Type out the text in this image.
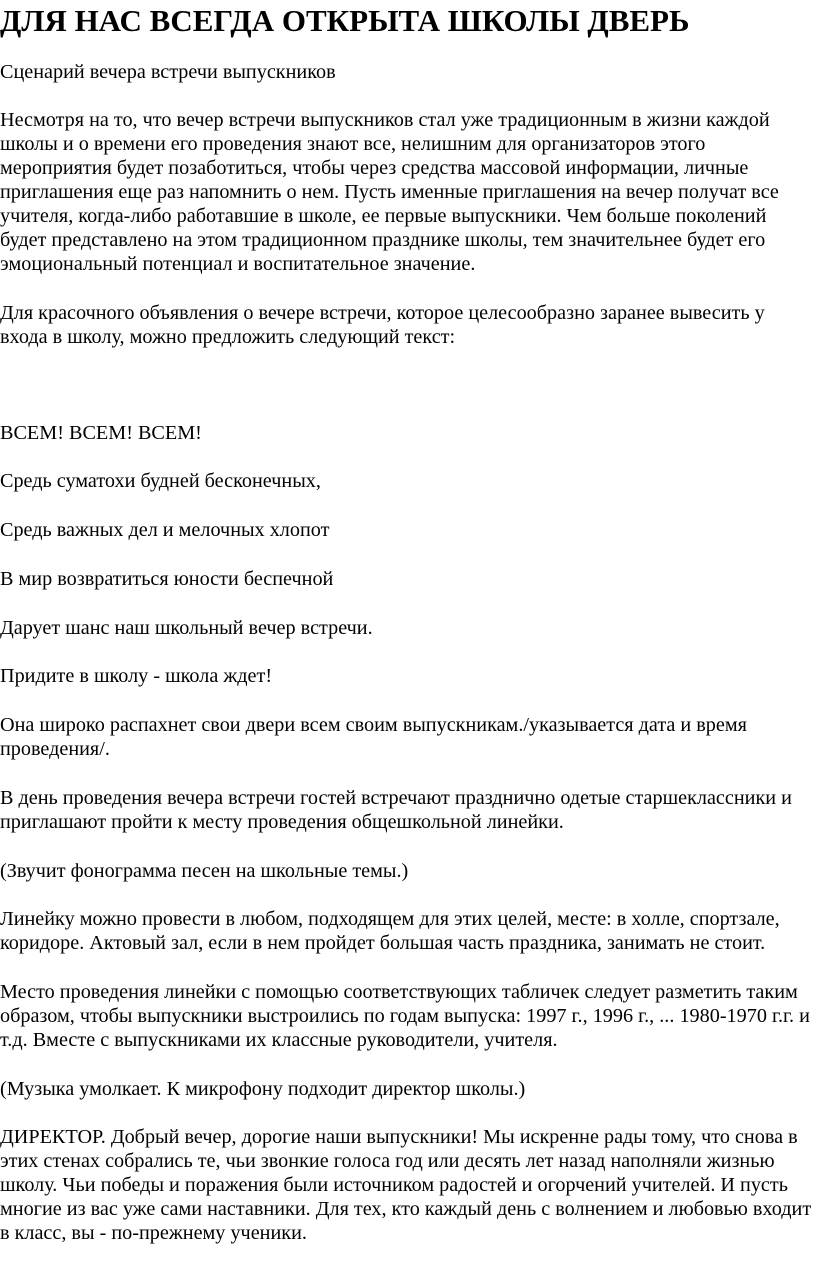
ДЛЯ НАС ВСЕГДА ОТКРЫТА ШКОЛЫ ДВЕРЬ

Сценарий вечера встречи выпускников

Несмотря на то, что вечер встречи выпускников стал уже традиционным в жизни каждой школы и о времени его проведения знают все, нелишним для организаторов этого мероприятия будет позаботиться, чтобы через средства массовой информации, личные приглашения еще раз напомнить о нем. Пусть именные приглашения на вечер получат все учителя, когда-либо работавшие в школе, ее первые выпускники. Чем больше поколений будет представлено на этом традиционном празднике школы, тем значительнее будет его эмоциональный потенциал и воспитательное значение.

Для красочного объявления о вечере встречи, которое целесообразно заранее вывесить у входа в школу, можно предложить следующий текст:

ВСЕМ! ВСЕМ! ВСЕМ!

Средь суматохи будней бесконечных,

Средь важных дел и мелочных хлопот

В мир возвратиться юности беспечной

Дарует шанс наш школьный вечер встречи.

Придите в школу - школа ждет!

Она широко распахнет свои двери всем своим выпускникам./указывается дата и время проведения/.

В день проведения вечера встречи гостей встречают празднично одетые старшеклассники и приглашают пройти к месту проведения общешкольной линейки.

(Звучит фонограмма песен на школьные темы.)

Линейку можно провести в любом, подходящем для этих целей, месте: в холле, спортзале, коридоре. Актовый зал, если в нем пройдет большая часть праздника, занимать не стоит.

Место проведения линейки с помощью соответствующих табличек следует разметить таким образом, чтобы выпускники выстроились по годам выпуска: 1997 г., 1996 г., ... 1980-1970 г.г. и т.д. Вместе с выпускниками их классные руководители, учителя.

(Музыка умолкает. К микрофону подходит директор школы.)

ДИРЕКТОР. Добрый вечер, дорогие наши выпускники! Мы искренне рады тому, что снова в этих стенах собрались те, чьи звонкие голоса год или десять лет назад наполняли жизнью школу. Чьи победы и поражения были источником радостей и огорчений учителей. И пусть многие из вас уже сами наставники. Для тех, кто каждый день с волнением и любовью входит в класс, вы - по-прежнему ученики.
